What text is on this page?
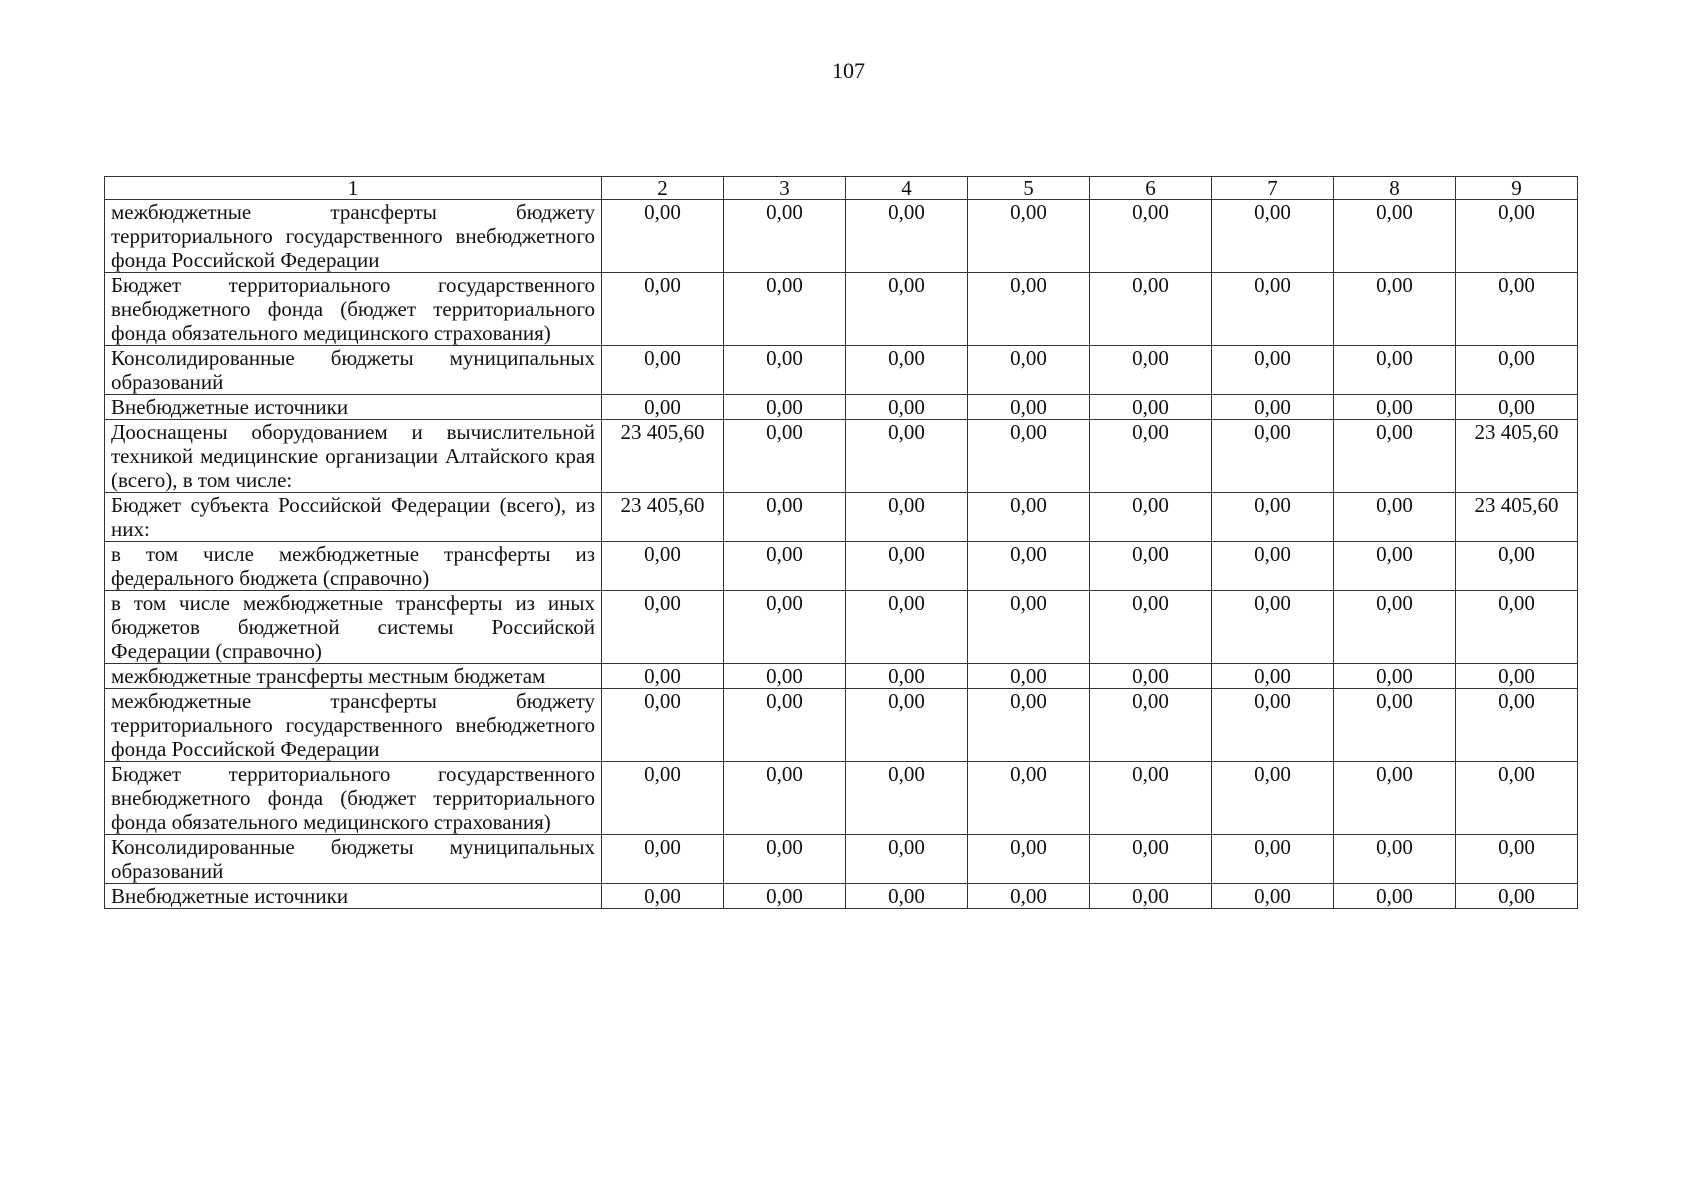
107
1	2	3	4	5	6	7	8	9
межбюджетные трансферты бюджету территориального государственного внебюджетного фонда Российской Федерации	0,00	0,00	0,00	0,00	0,00	0,00	0,00	0,00
Бюджет территориального государственного внебюджетного фонда (бюджет территориального фонда обязательного медицинского страхования)	0,00	0,00	0,00	0,00	0,00	0,00	0,00	0,00
Консолидированные бюджеты муниципальных образований	0,00	0,00	0,00	0,00	0,00	0,00	0,00	0,00
Внебюджетные источники	0,00	0,00	0,00	0,00	0,00	0,00	0,00	0,00
Дооснащены оборудованием и вычислительной техникой медицинские организации Алтайского края (всего), в том числе:	23 405,60	0,00	0,00	0,00	0,00	0,00	0,00	23 405,60
Бюджет субъекта Российской Федерации (всего), из них:	23 405,60	0,00	0,00	0,00	0,00	0,00	0,00	23 405,60
в том числе межбюджетные трансферты из федерального бюджета (справочно)	0,00	0,00	0,00	0,00	0,00	0,00	0,00	0,00
в том числе межбюджетные трансферты из иных бюджетов бюджетной системы Российской Федерации (справочно)	0,00	0,00	0,00	0,00	0,00	0,00	0,00	0,00
межбюджетные трансферты местным бюджетам	0,00	0,00	0,00	0,00	0,00	0,00	0,00	0,00
межбюджетные трансферты бюджету территориального государственного внебюджетного фонда Российской Федерации	0,00	0,00	0,00	0,00	0,00	0,00	0,00	0,00
Бюджет территориального государственного внебюджетного фонда (бюджет территориального фонда обязательного медицинского страхования)	0,00	0,00	0,00	0,00	0,00	0,00	0,00	0,00
Консолидированные бюджеты муниципальных образований	0,00	0,00	0,00	0,00	0,00	0,00	0,00	0,00
Внебюджетные источники	0,00	0,00	0,00	0,00	0,00	0,00	0,00	0,00
